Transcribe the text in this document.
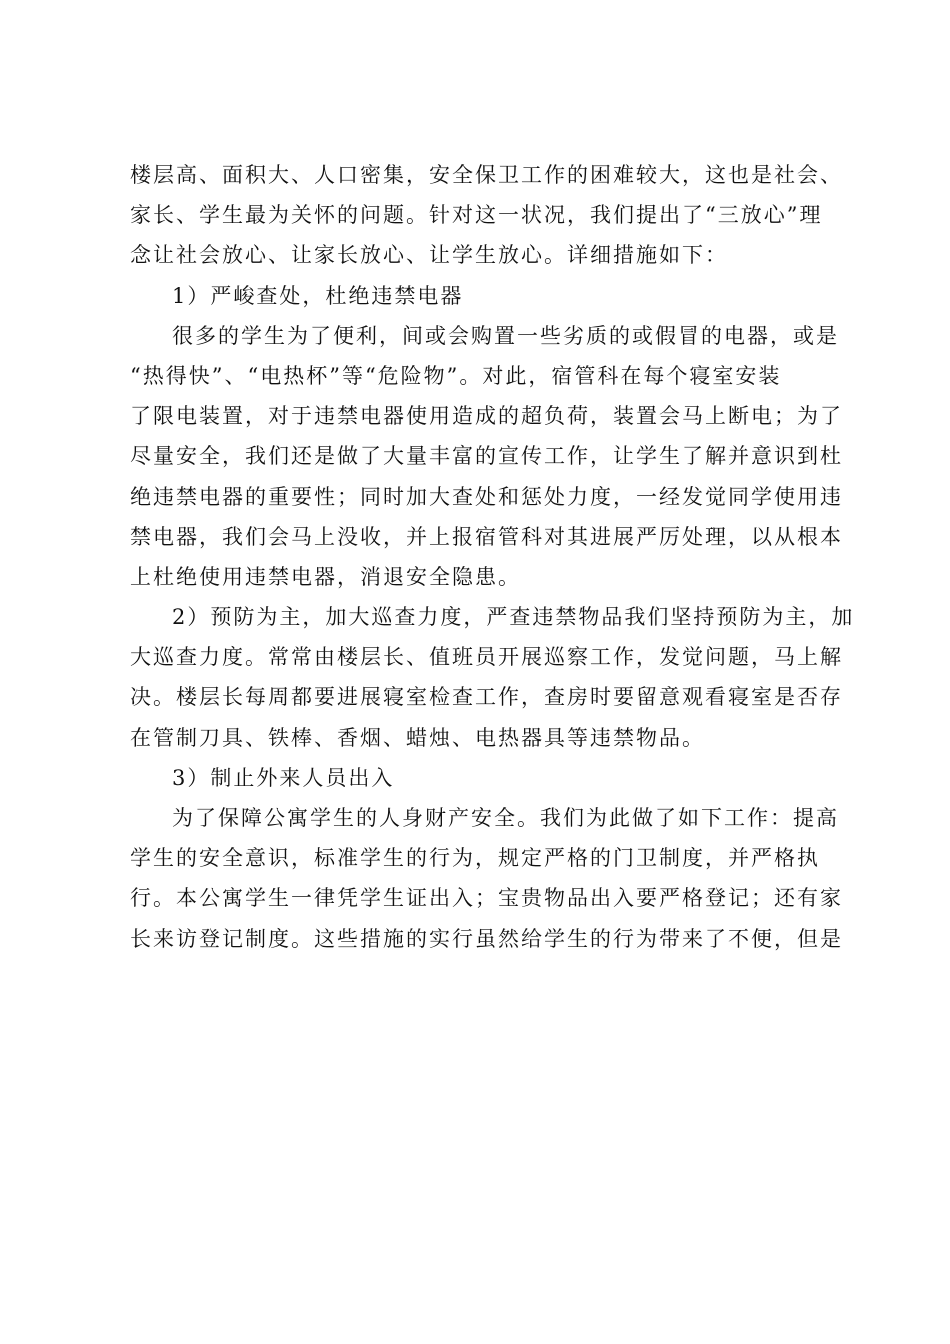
楼层高、面积大、人口密集，安全保卫工作的困难较大，这也是社会、
家长、学生最为关怀的问题。针对这一状况，我们提出了“三放心”理
念让社会放心、让家长放心、让学生放心。详细措施如下：
1）严峻查处，杜绝违禁电器
很多的学生为了便利，间或会购置一些劣质的或假冒的电器，或是
“热得快”、“电热杯”等“危险物”。对此，宿管科在每个寝室安装
了限电装置，对于违禁电器使用造成的超负荷，装置会马上断电；为了
尽量安全，我们还是做了大量丰富的宣传工作，让学生了解并意识到杜
绝违禁电器的重要性；同时加大查处和惩处力度，一经发觉同学使用违
禁电器，我们会马上没收，并上报宿管科对其进展严厉处理，以从根本
上杜绝使用违禁电器，消退安全隐患。
2）预防为主，加大巡查力度，严查违禁物品我们坚持预防为主，加
大巡查力度。常常由楼层长、值班员开展巡察工作，发觉问题，马上解
决。楼层长每周都要进展寝室检查工作，查房时要留意观看寝室是否存
在管制刀具、铁棒、香烟、蜡烛、电热器具等违禁物品。
3）制止外来人员出入
为了保障公寓学生的人身财产安全。我们为此做了如下工作：提高
学生的安全意识，标准学生的行为，规定严格的门卫制度，并严格执
行。本公寓学生一律凭学生证出入；宝贵物品出入要严格登记；还有家
长来访登记制度。这些措施的实行虽然给学生的行为带来了不便，但是
